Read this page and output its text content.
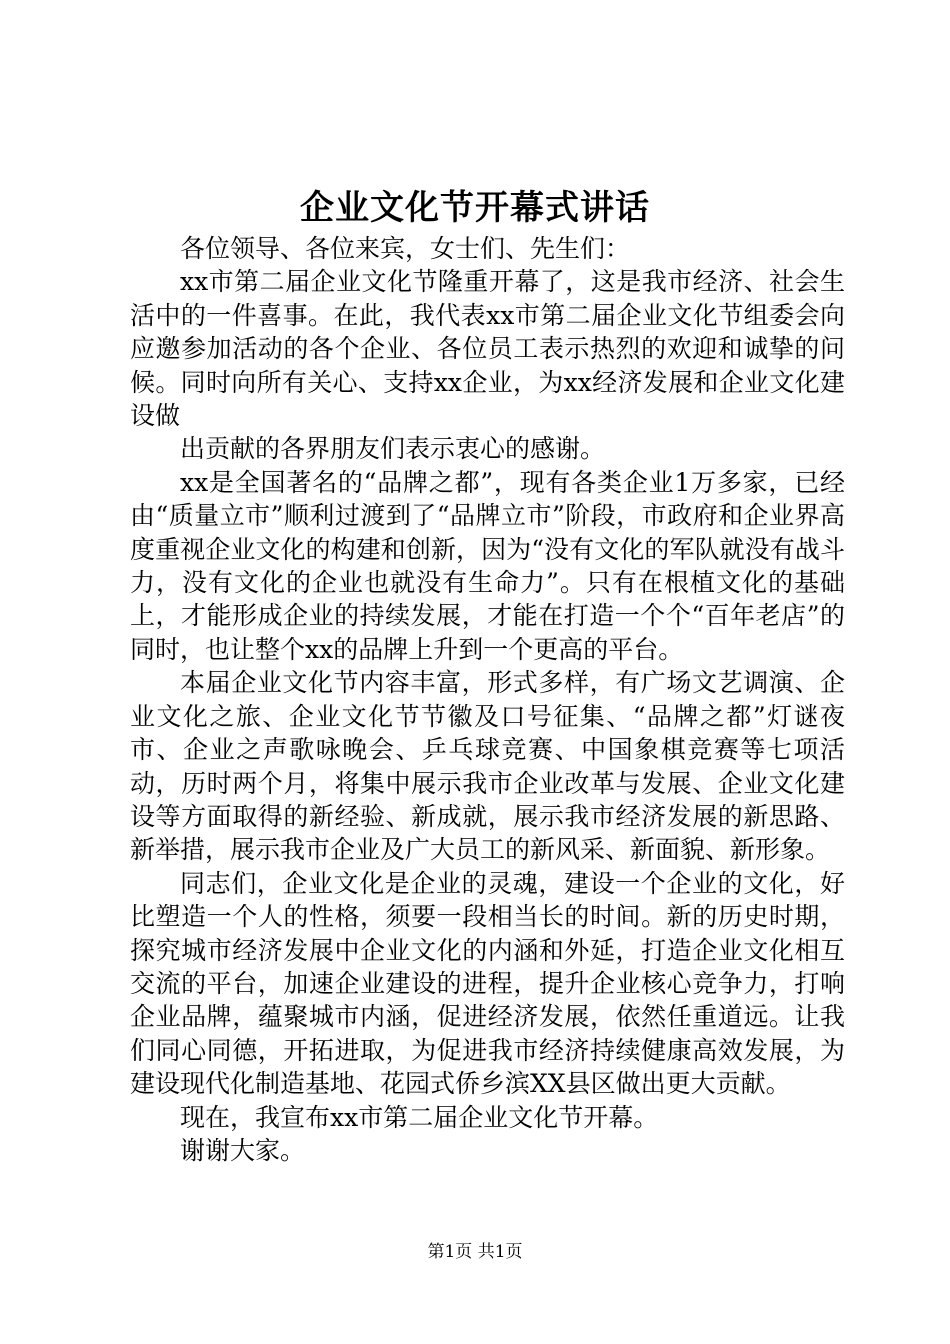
企业文化节开幕式讲话

各位领导、各位来宾，女士们、先生们：

xx市第二届企业文化节隆重开幕了，这是我市经济、社会生活中的一件喜事。在此，我代表xx市第二届企业文化节组委会向应邀参加活动的各个企业、各位员工表示热烈的欢迎和诚挚的问候。同时向所有关心、支持xx企业，为xx经济发展和企业文化建设做

出贡献的各界朋友们表示衷心的感谢。

xx是全国著名的“品牌之都”，现有各类企业1万多家，已经由“质量立市”顺利过渡到了“品牌立市”阶段，市政府和企业界高度重视企业文化的构建和创新，因为“没有文化的军队就没有战斗力，没有文化的企业也就没有生命力”。只有在根植文化的基础上，才能形成企业的持续发展，才能在打造一个个“百年老店”的同时，也让整个xx的品牌上升到一个更高的平台。

本届企业文化节内容丰富，形式多样，有广场文艺调演、企业文化之旅、企业文化节节徽及口号征集、“品牌之都”灯谜夜市、企业之声歌咏晚会、乒乓球竞赛、中国象棋竞赛等七项活动，历时两个月，将集中展示我市企业改革与发展、企业文化建设等方面取得的新经验、新成就，展示我市经济发展的新思路、新举措，展示我市企业及广大员工的新风采、新面貌、新形象。

同志们，企业文化是企业的灵魂，建设一个企业的文化，好比塑造一个人的性格，须要一段相当长的时间。新的历史时期，探究城市经济发展中企业文化的内涵和外延，打造企业文化相互交流的平台，加速企业建设的进程，提升企业核心竞争力，打响企业品牌，蕴聚城市内涵，促进经济发展，依然任重道远。让我们同心同德，开拓进取，为促进我市经济持续健康高效发展，为建设现代化制造基地、花园式侨乡滨XX县区做出更大贡献。

现在，我宣布xx市第二届企业文化节开幕。

谢谢大家。

第1页 共1页
